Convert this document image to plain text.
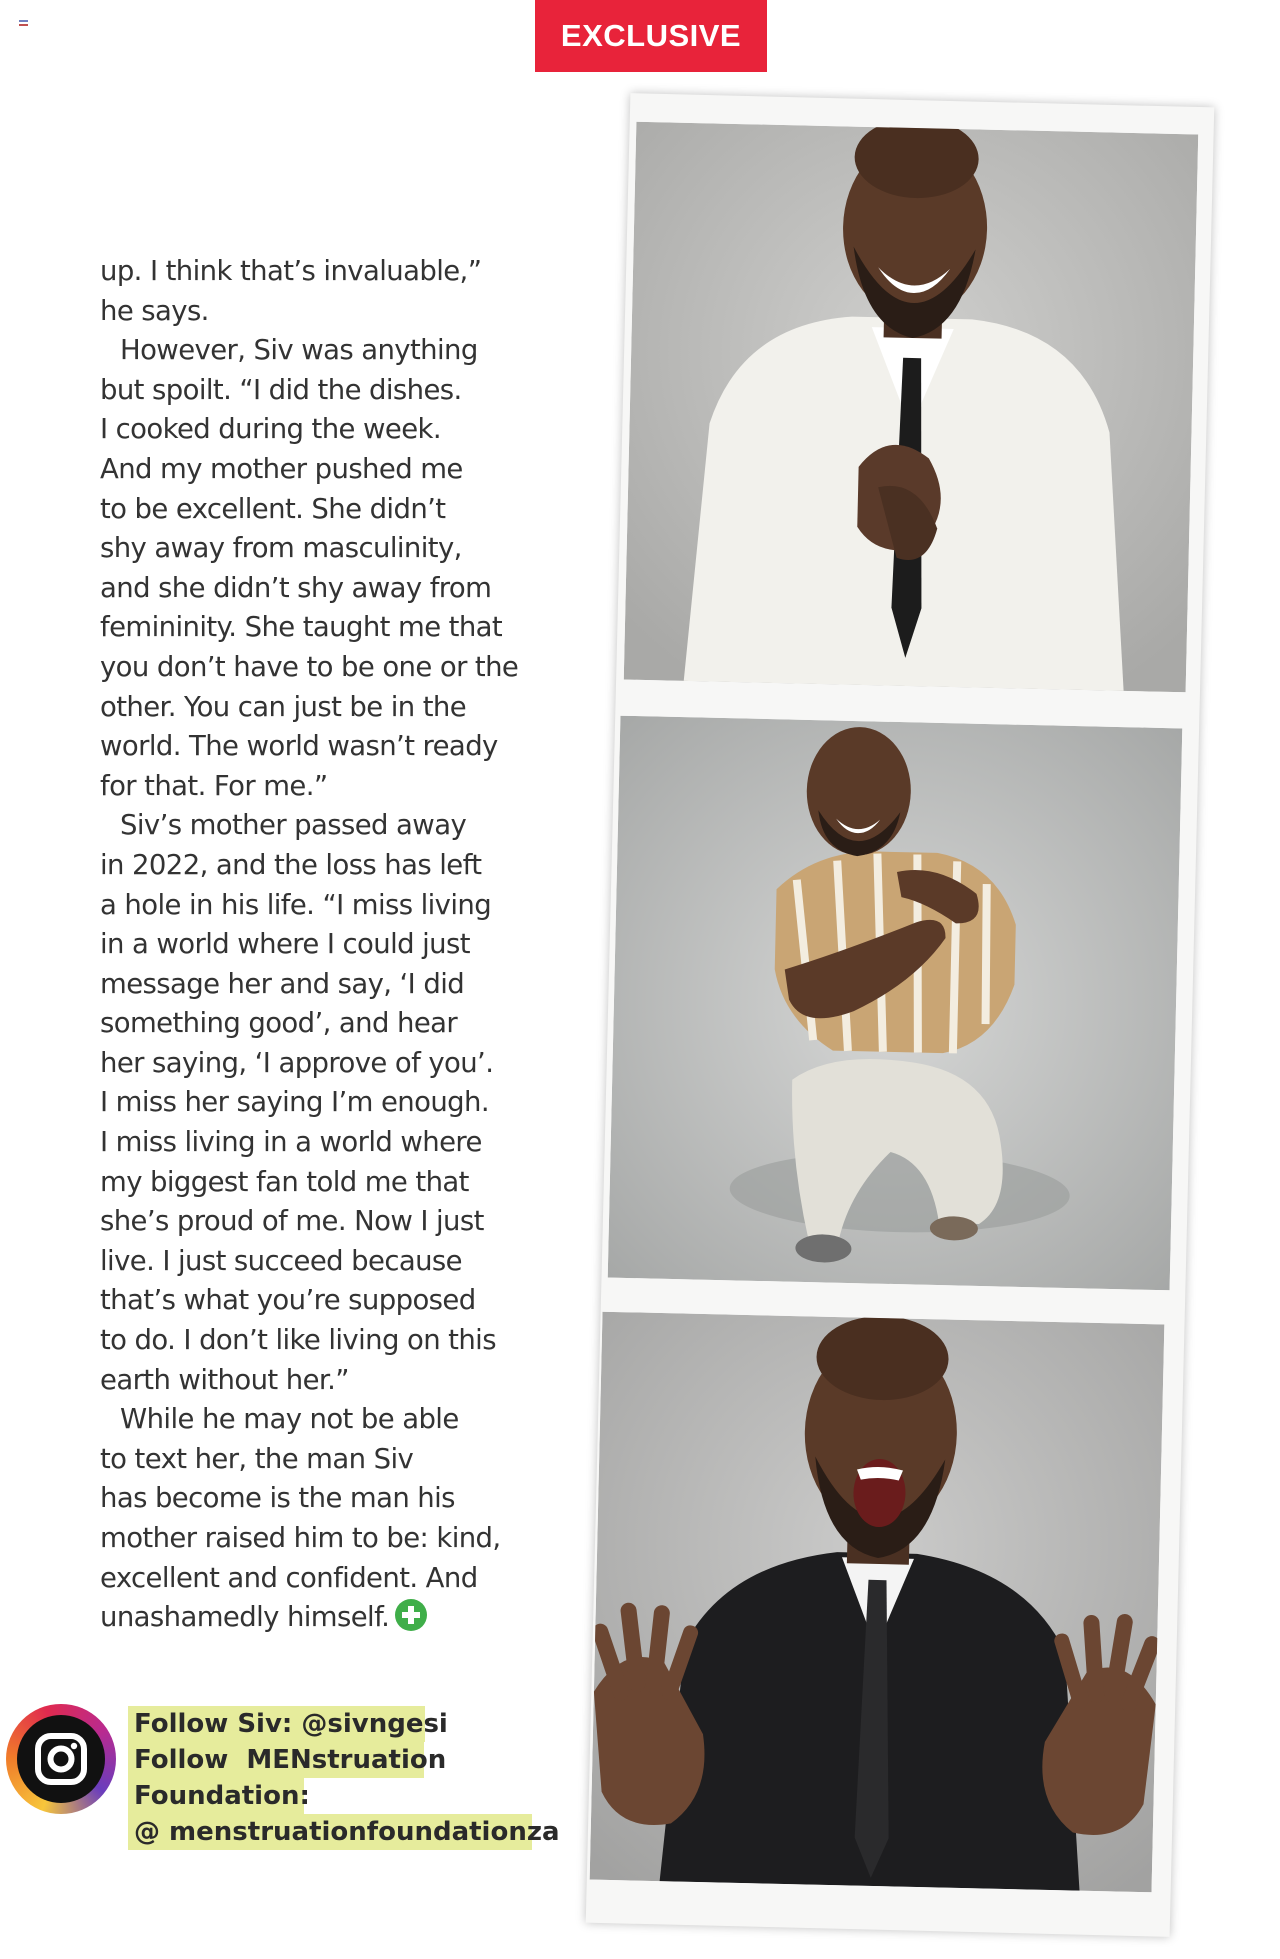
EXCLUSIVE
up. I think that’s invaluable,”
he says.
However, Siv was anything
but spoilt. “I did the dishes.
I cooked during the week.
And my mother pushed me
to be excellent. She didn’t
shy away from masculinity,
and she didn’t shy away from
femininity. She taught me that
you don’t have to be one or the
other. You can just be in the
world. The world wasn’t ready
for that. For me.”
Siv’s mother passed away
in 2022, and the loss has left
a hole in his life. “I miss living
in a world where I could just
message her and say, ‘I did
something good’, and hear
her saying, ‘I approve of you’.
I miss her saying I’m enough.
I miss living in a world where
my biggest fan told me that
she’s proud of me. Now I just
live. I just succeed because
that’s what you’re supposed
to do. I don’t like living on this
earth without her.”
While he may not be able
to text her, the man Siv
has become is the man his
mother raised him to be: kind,
excellent and confident. And
unashamedly himself.
Follow Siv: @sivngesi
Follow  MENstruation
Foundation:
@ menstruationfoundationza
